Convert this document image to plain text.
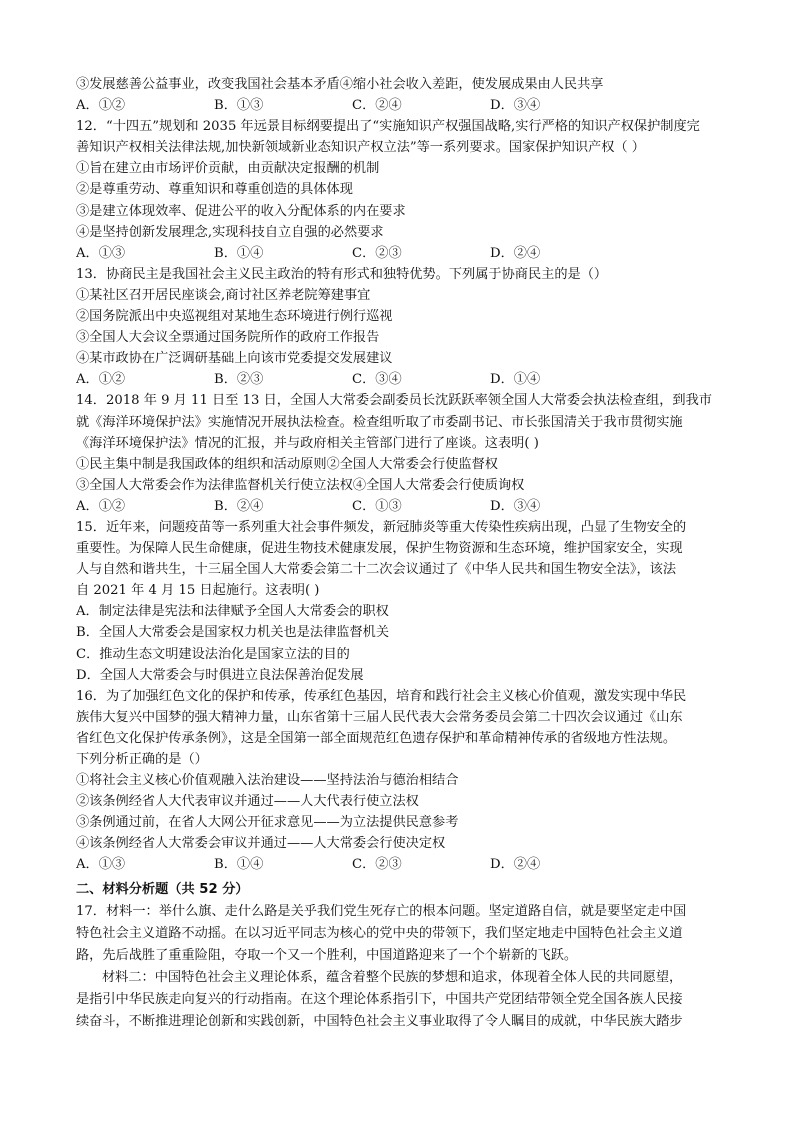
③发展慈善公益事业，改变我国社会基本矛盾④缩小社会收入差距，使发展成果由人民共享
A．①②	B．①③	C．②④	D．③④
12．“十四五”规划和 2035 年远景目标纲要提出了“实施知识产权强国战略,实行严格的知识产权保护制度完
善知识产权相关法律法规,加快新领域新业态知识产权立法”等一系列要求。国家保护知识产权（ ）
①旨在建立由市场评价贡献，由贡献决定报酬的机制
②是尊重劳动、尊重知识和尊重创造的具体体现
③是建立体现效率、促进公平的收入分配体系的内在要求
④是坚持创新发展理念,实现科技自立自强的必然要求
A．①③	B．①④	C．②③	D．②④
13．协商民主是我国社会主义民主政治的特有形式和独特优势。下列属于协商民主的是（）
①某社区召开居民座谈会,商讨社区养老院筹建事宜
②国务院派出中央巡视组对某地生态环境进行例行巡视
③全国人大会议全票通过国务院所作的政府工作报告
④某市政协在广泛调研基础上向该市党委提交发展建议
A．①②	B．②③	C．③④	D．①④
14．2018 年 9 月 11 日至 13 日，全国人大常委会副委员长沈跃跃率领全国人大常委会执法检查组，到我市
就《海洋环境保护法》实施情况开展执法检查。检查组听取了市委副书记、市长张国清关于我市贯彻实施
《海洋环境保护法》情况的汇报，并与政府相关主管部门进行了座谈。这表明( )
①民主集中制是我国政体的组织和活动原则②全国人大常委会行使监督权
③全国人大常委会作为法律监督机关行使立法权④全国人大常委会行使质询权
A．①②	B．②④	C．①③	D．③④
15．近年来，问题疫苗等一系列重大社会事件频发，新冠肺炎等重大传染性疾病出现，凸显了生物安全的
重要性。为保障人民生命健康，促进生物技术健康发展，保护生物资源和生态环境，维护国家安全，实现
人与自然和谐共生，十三届全国人大常委会第二十二次会议通过了《中华人民共和国生物安全法》，该法
自 2021 年 4 月 15 日起施行。这表明( )
A．制定法律是宪法和法律赋予全国人大常委会的职权
B．全国人大常委会是国家权力机关也是法律监督机关
C．推动生态文明建设法治化是国家立法的目的
D．全国人大常委会与时俱进立良法保善治促发展
16．为了加强红色文化的保护和传承，传承红色基因，培育和践行社会主义核心价值观，激发实现中华民
族伟大复兴中国梦的强大精神力量，山东省第十三届人民代表大会常务委员会第二十四次会议通过《山东
省红色文化保护传承条例》，这是全国第一部全面规范红色遗存保护和革命精神传承的省级地方性法规。
下列分析正确的是（）
①将社会主义核心价值观融入法治建设——坚持法治与德治相结合
②该条例经省人大代表审议并通过——人大代表行使立法权
③条例通过前，在省人大网公开征求意见——为立法提供民意参考
④该条例经省人大常委会审议并通过——人大常委会行使决定权
A．①③	B．①④	C．②③	D．②④
二、材料分析题（共 52 分）
17．材料一：举什么旗、走什么路是关乎我们党生死存亡的根本问题。坚定道路自信，就是要坚定走中国
特色社会主义道路不动摇。在以习近平同志为核心的党中央的带领下，我们坚定地走中国特色社会主义道
路，先后战胜了重重险阻，夺取一个又一个胜利，中国道路迎来了一个个崭新的飞跃。
材料二：中国特色社会主义理论体系，蕴含着整个民族的梦想和追求，体现着全体人民的共同愿望，
是指引中华民族走向复兴的行动指南。在这个理论体系指引下，中国共产党团结带领全党全国各族人民接
续奋斗，不断推进理论创新和实践创新，中国特色社会主义事业取得了令人瞩目的成就，中华民族大踏步
